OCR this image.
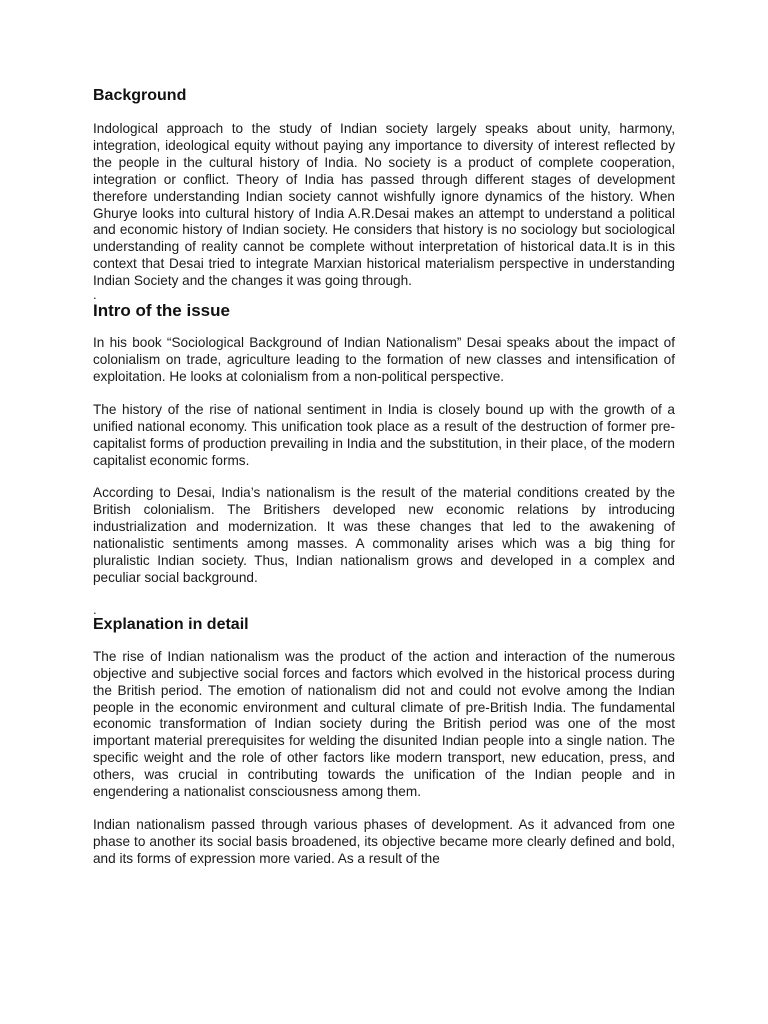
Background

Indological approach to the study of Indian society largely speaks about unity, harmony, integration, ideological equity without paying any importance to diversity of interest reflected by the people in the cultural history of India. No society is a product of complete cooperation, integration or conflict. Theory of India has passed through different stages of development therefore understanding Indian society cannot wishfully ignore dynamics of the history. When Ghurye looks into cultural history of India A.R.Desai makes an attempt to understand a political and economic history of Indian society. He considers that history is no sociology but sociological understanding of reality cannot be complete without interpretation of historical data.It is in this context that Desai tried to integrate Marxian historical materialism perspective in understanding Indian Society and the changes it was going through.

.
Intro of the issue

In his book “Sociological Background of Indian Nationalism” Desai speaks about the impact of colonialism on trade, agriculture leading to the formation of new classes and intensification of exploitation. He looks at colonialism from a non-political perspective.

The history of the rise of national sentiment in India is closely bound up with the growth of a unified national economy. This unification took place as a result of the destruction of former pre-capitalist forms of production prevailing in India and the substitution, in their place, of the modern capitalist economic forms.

According to Desai, India’s nationalism is the result of the material conditions created by the British colonialism. The Britishers developed new economic relations by introducing industrialization and modernization. It was these changes that led to the awakening of nationalistic sentiments among masses. A commonality arises which was a big thing for pluralistic Indian society. Thus, Indian nationalism grows and developed in a complex and peculiar social background.

.
Explanation in detail

The rise of Indian nationalism was the product of the action and interaction of the numerous objective and subjective social forces and factors which evolved in the historical process during the British period. The emotion of nationalism did not and could not evolve among the Indian people in the economic environment and cultural climate of pre-British India. The fundamental economic transformation of Indian society during the British period was one of the most important material prerequisites for welding the disunited Indian people into a single nation. The specific weight and the role of other factors like modern transport, new education, press, and others, was crucial in contributing towards the unification of the Indian people and in engendering a nationalist consciousness among them.

Indian nationalism passed through various phases of development. As it advanced from one phase to another its social basis broadened, its objective became more clearly defined and bold, and its forms of expression more varied. As a result of the
